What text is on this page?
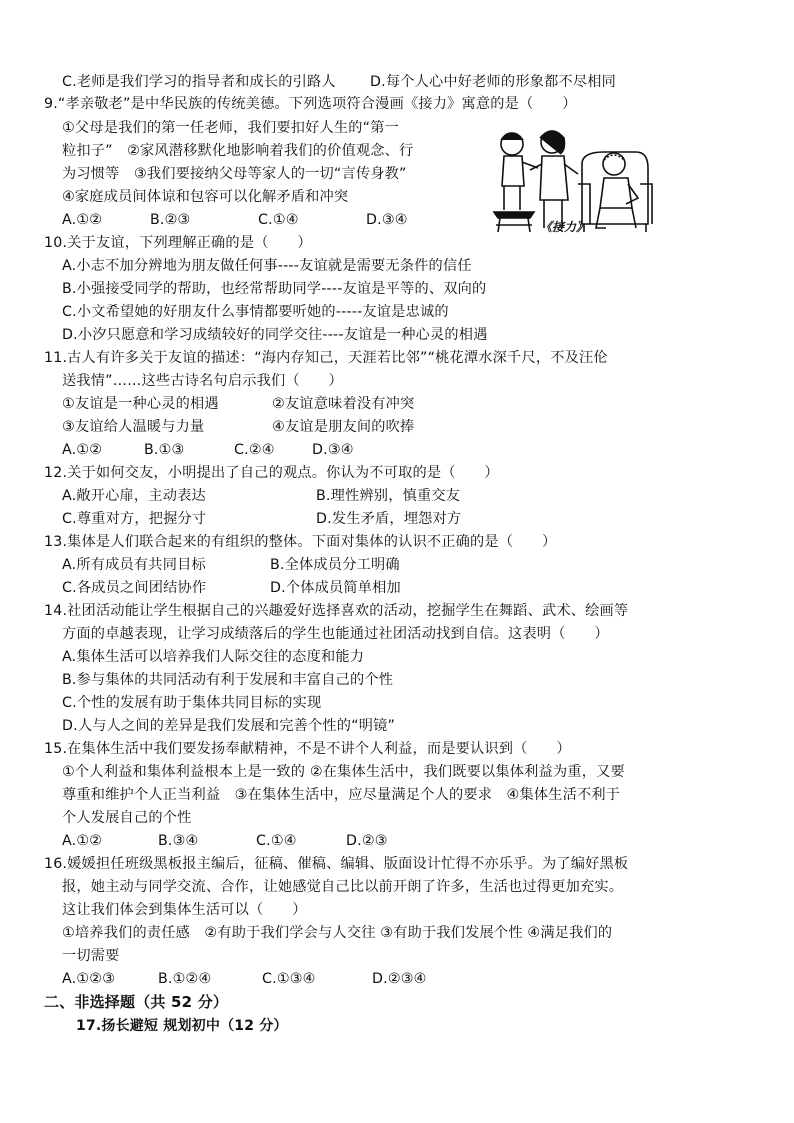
C.老师是我们学习的指导者和成长的引路人 D.每个人心中好老师的形象都不尽相同
9.“孝亲敬老”是中华民族的传统美德。下列选项符合漫画《接力》寓意的是（　　）
①父母是我们的第一任老师，我们要扣好人生的“第一
粒扣子”　②家风潜移默化地影响着我们的价值观念、行
为习惯等　③我们要接纳父母等家人的一切“言传身教”
④家庭成员间体谅和包容可以化解矛盾和冲突
A.①②	B.②③	C.①④	D.③④	《接力》
10.关于友谊，下列理解正确的是（　　）
A.小志不加分辨地为朋友做任何事----友谊就是需要无条件的信任
B.小强接受同学的帮助，也经常帮助同学----友谊是平等的、双向的
C.小文希望她的好朋友什么事情都要听她的-----友谊是忠诚的
D.小汐只愿意和学习成绩较好的同学交往----友谊是一种心灵的相遇
11.古人有许多关于友谊的描述：“海内存知己，天涯若比邻”“桃花潭水深千尺，不及汪伦
送我情”……这些古诗名句启示我们（　　）
①友谊是一种心灵的相遇	②友谊意味着没有冲突
③友谊给人温暖与力量	④友谊是朋友间的吹捧
A.①②	B.①③	C.②④	D.③④
12.关于如何交友，小明提出了自己的观点。你认为不可取的是（　　）
A.敞开心扉，主动表达	B.理性辨别，慎重交友
C.尊重对方，把握分寸	D.发生矛盾，埋怨对方
13.集体是人们联合起来的有组织的整体。下面对集体的认识不正确的是（　　）
A.所有成员有共同目标	B.全体成员分工明确
C.各成员之间团结协作	D.个体成员简单相加
14.社团活动能让学生根据自己的兴趣爱好选择喜欢的活动，挖掘学生在舞蹈、武术、绘画等
方面的卓越表现，让学习成绩落后的学生也能通过社团活动找到自信。这表明（　　）
A.集体生活可以培养我们人际交往的态度和能力
B.参与集体的共同活动有利于发展和丰富自己的个性
C.个性的发展有助于集体共同目标的实现
D.人与人之间的差异是我们发展和完善个性的“明镜”
15.在集体生活中我们要发扬奉献精神，不是不讲个人利益，而是要认识到（　　）
①个人利益和集体利益根本上是一致的 ②在集体生活中，我们既要以集体利益为重，又要
尊重和维护个人正当利益　③在集体生活中，应尽量满足个人的要求　④集体生活不利于
个人发展自己的个性
A.①②	B.③④	C.①④	D.②③
16.媛媛担任班级黑板报主编后，征稿、催稿、编辑、版面设计忙得不亦乐乎。为了编好黑板
报，她主动与同学交流、合作，让她感觉自己比以前开朗了许多，生活也过得更加充实。
这让我们体会到集体生活可以（　　）
①培养我们的责任感　②有助于我们学会与人交往 ③有助于我们发展个性 ④满足我们的
一切需要
A.①②③	B.①②④	C.①③④	D.②③④
二、非选择题（共 52 分）
17.扬长避短 规划初中（12 分）
